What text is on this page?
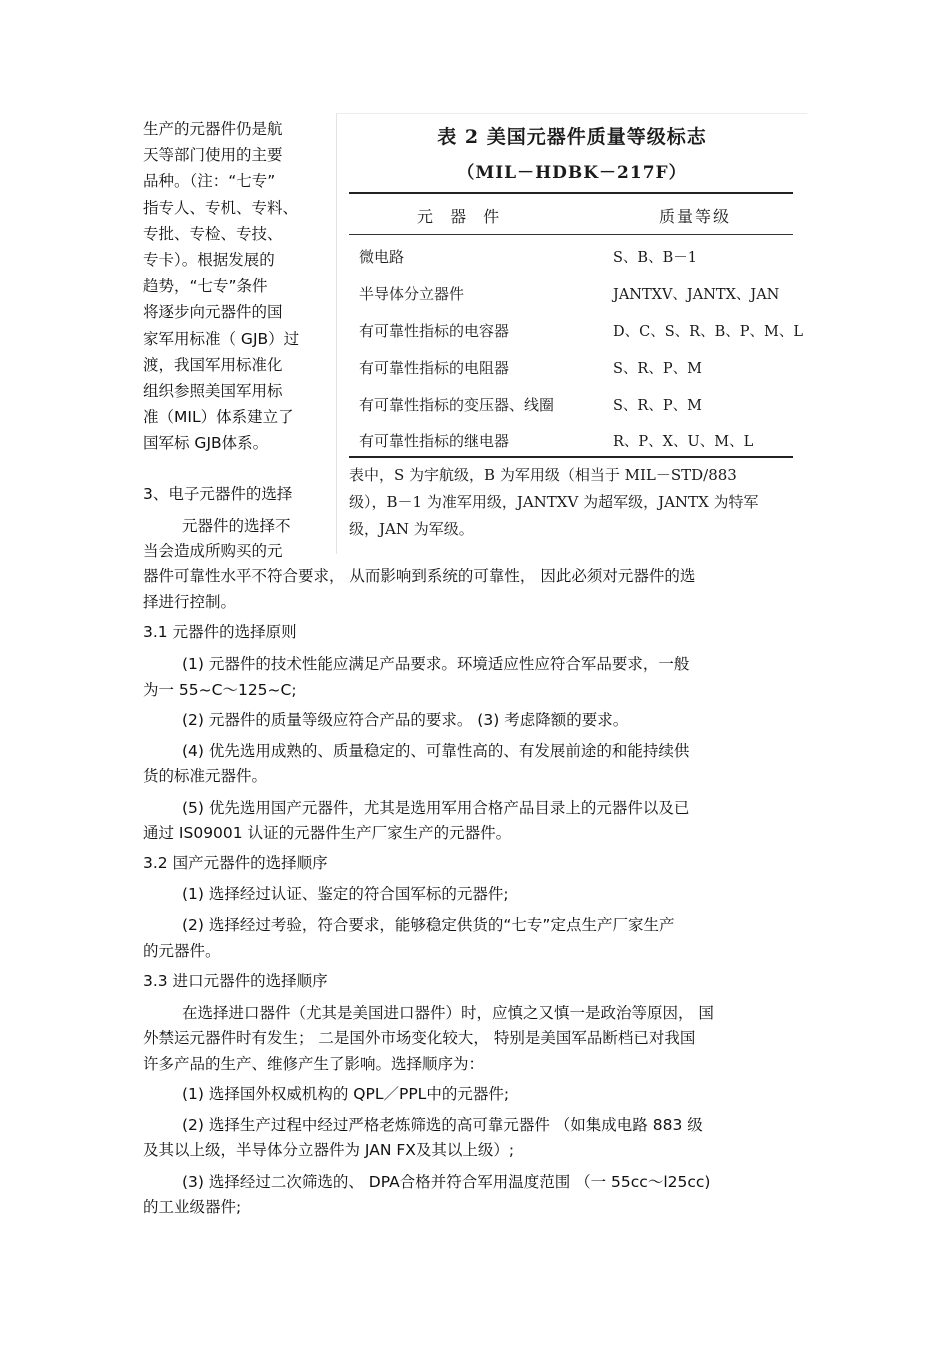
生产的元器件仍是航
天等部门使用的主要
品种。（注：“七专”
指专人、专机、专料、
专批、专检、专技、
专卡）。根据发展的
趋势，“七专”条件
将逐步向元器件的国
家军用标准（ GJB）过
渡，我国军用标准化
组织参照美国军用标
准（MIL）体系建立了
国军标 GJB体系。
表 2 美国元器件质量等级标志
（MIL－HDBK－217F）
元 器 件	质量等级
微电路	S、B、B－1
半导体分立器件	JANTXV、JANTX、JAN
有可靠性指标的电容器	D、C、S、R、B、P、M、L
有可靠性指标的电阻器	S、R、P、M
有可靠性指标的变压器、线圈	S、R、P、M
有可靠性指标的继电器	R、P、X、U、M、L
表中，S 为宇航级，B 为军用级（相当于 MIL－STD/883
级），B－1 为准军用级，JANTXV 为超军级，JANTX 为特军
级，JAN 为军级。
3、电子元器件的选择
元器件的选择不
当会造成所购买的元
器件可靠性水平不符合要求， 从而影响到系统的可靠性， 因此必须对元器件的选
择进行控制。
3.1 元器件的选择原则
(1) 元器件的技术性能应满足产品要求。环境适应性应符合军品要求，一般
为一 55~C～125~C;
(2) 元器件的质量等级应符合产品的要求。 (3) 考虑降额的要求。
(4) 优先选用成熟的、质量稳定的、可靠性高的、有发展前途的和能持续供
货的标准元器件。
(5) 优先选用国产元器件，尤其是选用军用合格产品目录上的元器件以及已
通过 IS09001 认证的元器件生产厂家生产的元器件。
3.2 国产元器件的选择顺序
(1) 选择经过认证、鉴定的符合国军标的元器件;
(2) 选择经过考验，符合要求，能够稳定供货的“七专”定点生产厂家生产
的元器件。
3.3 进口元器件的选择顺序
在选择进口器件（尤其是美国进口器件）时，应慎之又慎一是政治等原因， 国
外禁运元器件时有发生； 二是国外市场变化较大， 特别是美国军品断档已对我国
许多产品的生产、维修产生了影响。选择顺序为：
(1) 选择国外权威机构的 QPL／PPL中的元器件;
(2) 选择生产过程中经过严格老炼筛选的高可靠元器件 （如集成电路 883 级
及其以上级，半导体分立器件为 JAN FX及其以上级）;
(3) 选择经过二次筛选的、 DPA合格并符合军用温度范围 （一 55cc～l25cc)
的工业级器件;
